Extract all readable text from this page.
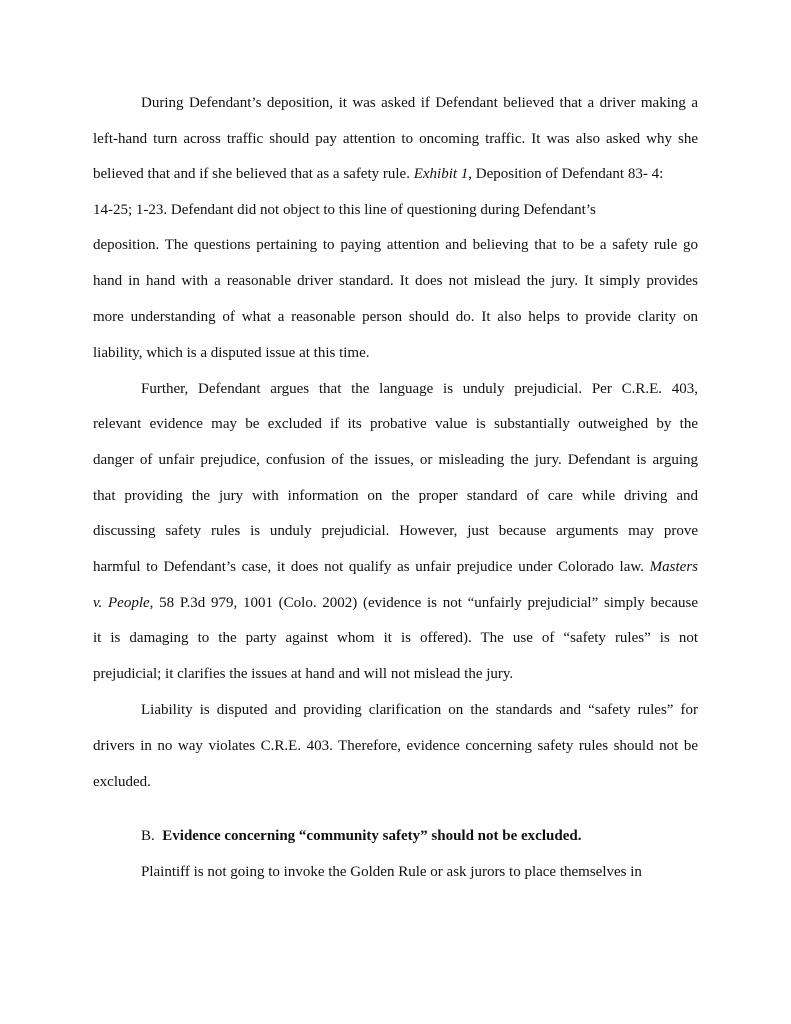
During Defendant’s deposition, it was asked if Defendant believed that a driver making a
left-hand turn across traffic should pay attention to oncoming traffic. It was also asked why she
believed that and if she believed that as a safety rule. Exhibit 1, Deposition of Defendant 83- 4:
14-25; 1-23. Defendant did not object to this line of questioning during Defendant’s
deposition. The questions pertaining to paying attention and believing that to be a safety rule go
hand in hand with a reasonable driver standard. It does not mislead the jury. It simply provides
more understanding of what a reasonable person should do. It also helps to provide clarity on
liability, which is a disputed issue at this time.
Further, Defendant argues that the language is unduly prejudicial. Per C.R.E. 403,
relevant evidence may be excluded if its probative value is substantially outweighed by the
danger of unfair prejudice, confusion of the issues, or misleading the jury. Defendant is arguing
that providing the jury with information on the proper standard of care while driving and
discussing safety rules is unduly prejudicial. However, just because arguments may prove
harmful to Defendant’s case, it does not qualify as unfair prejudice under Colorado law. Masters
v. People, 58 P.3d 979, 1001 (Colo. 2002) (evidence is not “unfairly prejudicial” simply because
it is damaging to the party against whom it is offered). The use of “safety rules” is not
prejudicial; it clarifies the issues at hand and will not mislead the jury.
Liability is disputed and providing clarification on the standards and “safety rules” for
drivers in no way violates C.R.E. 403. Therefore, evidence concerning safety rules should not be
excluded.
B. Evidence concerning “community safety” should not be excluded.
Plaintiff is not going to invoke the Golden Rule or ask jurors to place themselves in
